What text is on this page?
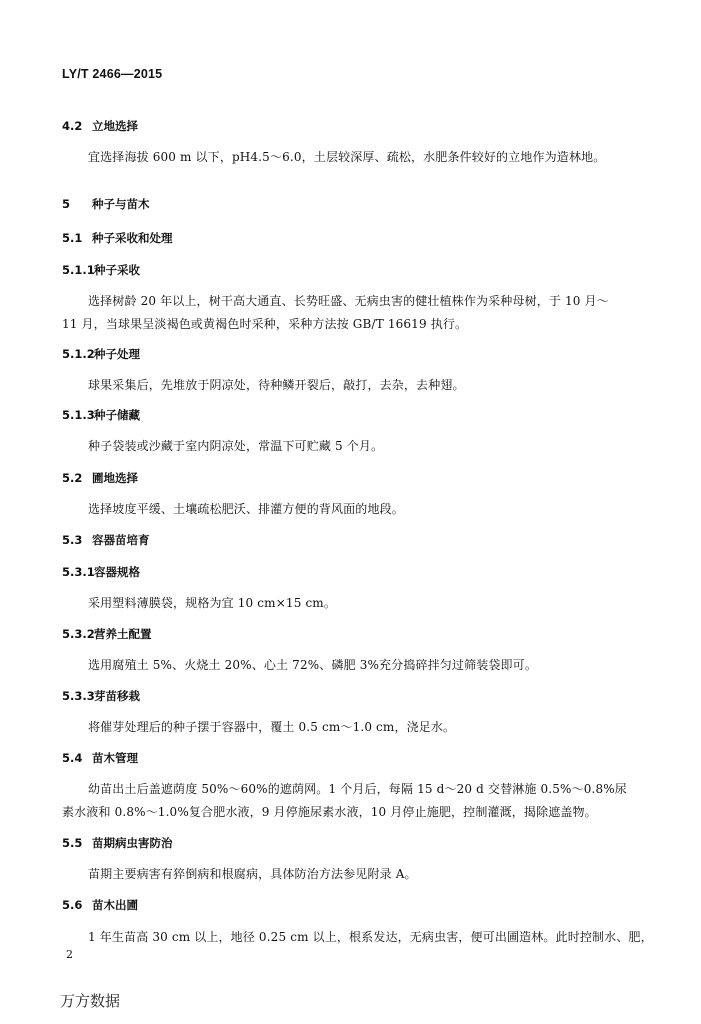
LY/T 2466—2015
4.2 立地选择
宜选择海拔 600 m 以下，pH4.5～6.0，土层较深厚、疏松，水肥条件较好的立地作为造林地。
5 种子与苗木
5.1 种子采收和处理
5.1.1种子采收
选择树龄 20 年以上，树干高大通直、长势旺盛、无病虫害的健壮植株作为采种母树，于 10 月～
11 月，当球果呈淡褐色或黄褐色时采种，采种方法按 GB/T 16619 执行。
5.1.2种子处理
球果采集后，先堆放于阴凉处，待种鳞开裂后，敲打，去杂，去种翅。
5.1.3种子储藏
种子袋装或沙藏于室内阴凉处，常温下可贮藏 5 个月。
5.2 圃地选择
选择坡度平缓、土壤疏松肥沃、排灌方便的背风面的地段。
5.3 容器苗培育
5.3.1容器规格
采用塑料薄膜袋，规格为宜 10 cm×15 cm。
5.3.2营养土配置
选用腐殖土 5%、火烧土 20%、心土 72%、磷肥 3%充分捣碎拌匀过筛装袋即可。
5.3.3芽苗移栽
将催芽处理后的种子摆于容器中，覆土 0.5 cm～1.0 cm，浇足水。
5.4 苗木管理
幼苗出土后盖遮荫度 50%～60%的遮荫网。1 个月后，每隔 15 d～20 d 交替淋施 0.5%～0.8%尿
素水液和 0.8%～1.0%复合肥水液，9 月停施尿素水液，10 月停止施肥，控制灌溉，揭除遮盖物。
5.5 苗期病虫害防治
苗期主要病害有猝倒病和根腐病，具体防治方法参见附录 A。
5.6 苗木出圃
1 年生苗高 30 cm 以上，地径 0.25 cm 以上，根系发达，无病虫害，便可出圃造林。此时控制水、肥，
2
万方数据
